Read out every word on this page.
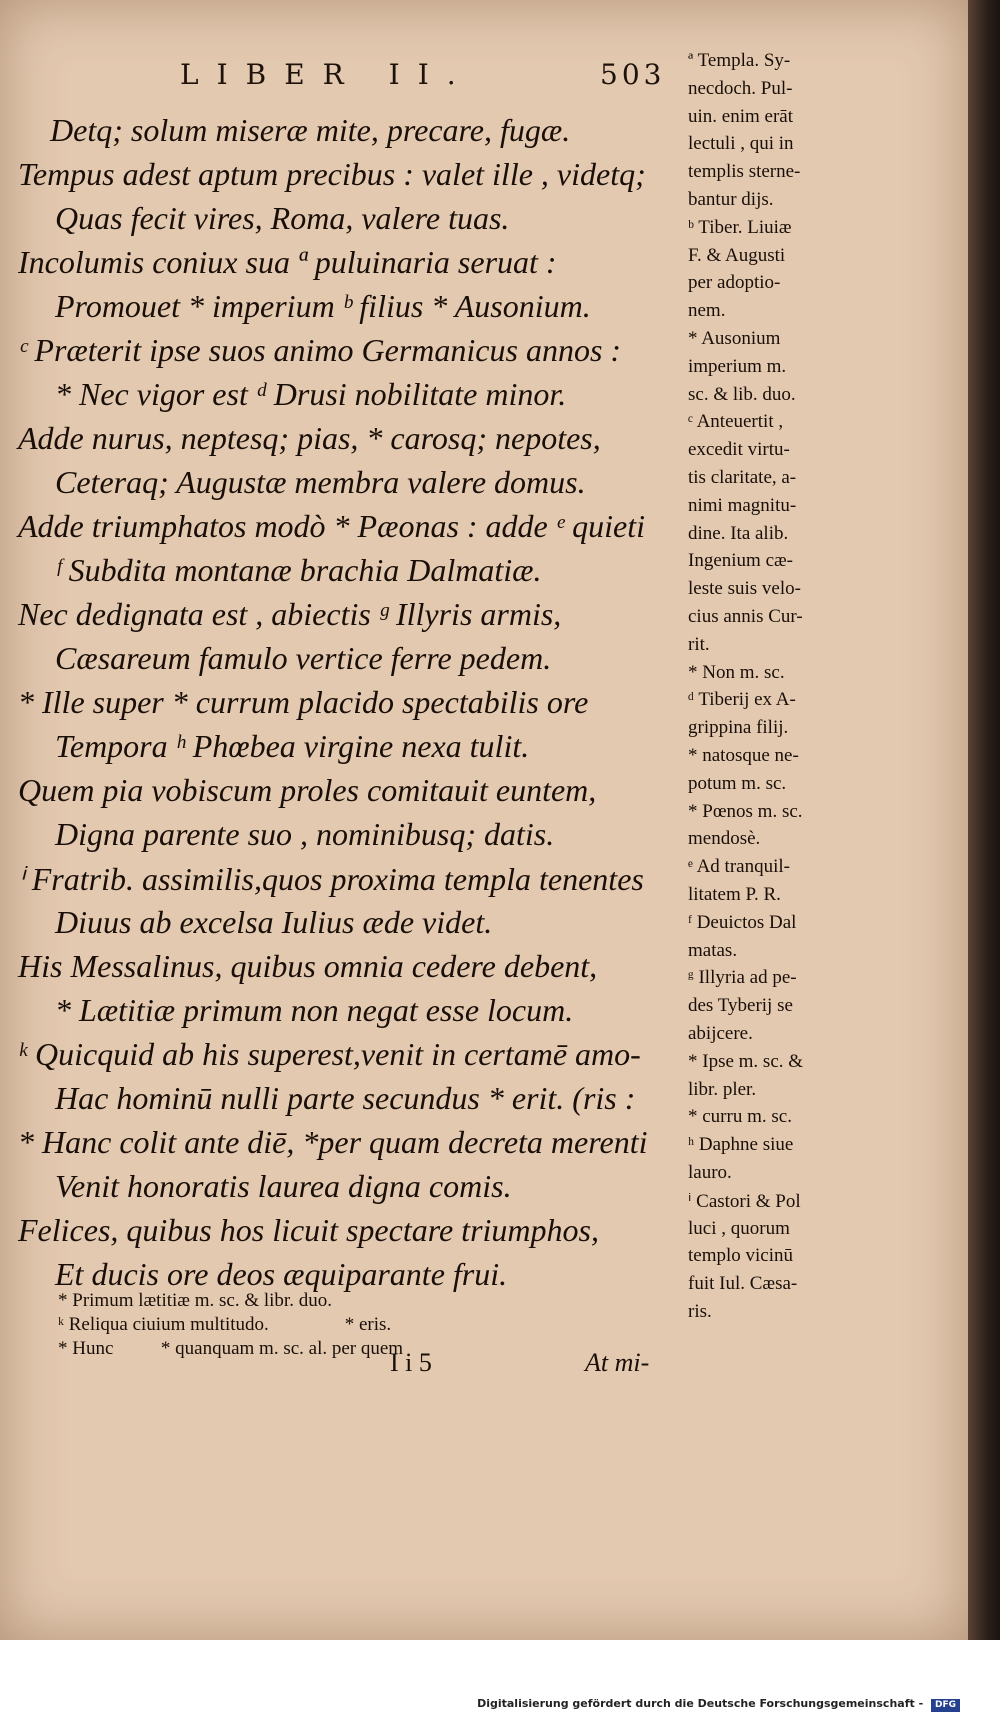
LIBER II.	503
Detq; solum miseræ mite, precare, fugæ.
Tempus adest aptum precibus : valet ille , videtq;
Quas fecit vires, Roma, valere tuas.
Incolumis coniux sua ª puluinaria seruat :
Promouet * imperium ᵇ filius * Ausonium.
ᶜ Præterit ipse suos animo Germanicus annos :
* Nec vigor est ᵈ Drusi nobilitate minor.
Adde nurus, neptesq; pias, * carosq; nepotes,
Ceteraq; Augustæ membra valere domus.
Adde triumphatos modò * Pæonas : adde ᵉ quieti
ᶠ Subdita montanæ brachia Dalmatiæ.
Nec dedignata est , abiectis ᵍ Illyris armis,
Cæsareum famulo vertice ferre pedem.
* Ille super * currum placido spectabilis ore
Tempora ʰ Phœbea virgine nexa tulit.
Quem pia vobiscum proles comitauit euntem,
Digna parente suo , nominibusq; datis.
ⁱ Fratrib. assimilis,quos proxima templa tenentes
Diuus ab excelsa Iulius æde videt.
His Messalinus, quibus omnia cedere debent,
* Lætitiæ primum non negat esse locum.
ᵏ Quicquid ab his superest,venit in certamē amo-
Hac hominū nulli parte secundus * erit. (ris :
* Hanc colit ante diē, *per quam decreta merenti
Venit honoratis laurea digna comis.
Felices, quibus hos licuit spectare triumphos,
Et ducis ore deos æquiparante frui.
* Primum lætitiæ m. sc. & libr. duo.
ᵏ Reliqua ciuium multitudo.                * eris.
* Hunc          * quanquam m. sc. al. per quem
ª Templa. Sy-
necdoch. Pul-
uin. enim erāt
lectuli , qui in
templis sterne-
bantur dijs.
ᵇ Tiber. Liuiæ
F. & Augusti
per adoptio-
nem.
* Ausonium
imperium m.
sc. & lib. duo.
ᶜ Anteuertit ,
excedit virtu-
tis claritate, a-
nimi magnitu-
dine. Ita alib.
Ingenium cæ-
leste suis velo-
cius annis Cur-
rit.
* Non m. sc.
ᵈ Tiberij ex A-
grippina filij.
* natosque ne-
potum m. sc.
* Pœnos m. sc.
mendosè.
ᵉ Ad tranquil-
litatem P. R.
ᶠ Deuictos Dal
matas.
ᵍ Illyria ad pe-
des Tyberij se
abijcere.
* Ipse m. sc. &
libr. pler.
* curru m. sc.
ʰ Daphne siue
lauro.
ⁱ Castori & Pol
luci , quorum
templo vicinū
fuit Iul. Cæsa-
ris.
I i 5	At mi-
Digitalisierung gefördert durch die Deutsche Forschungsgemeinschaft - DFG
